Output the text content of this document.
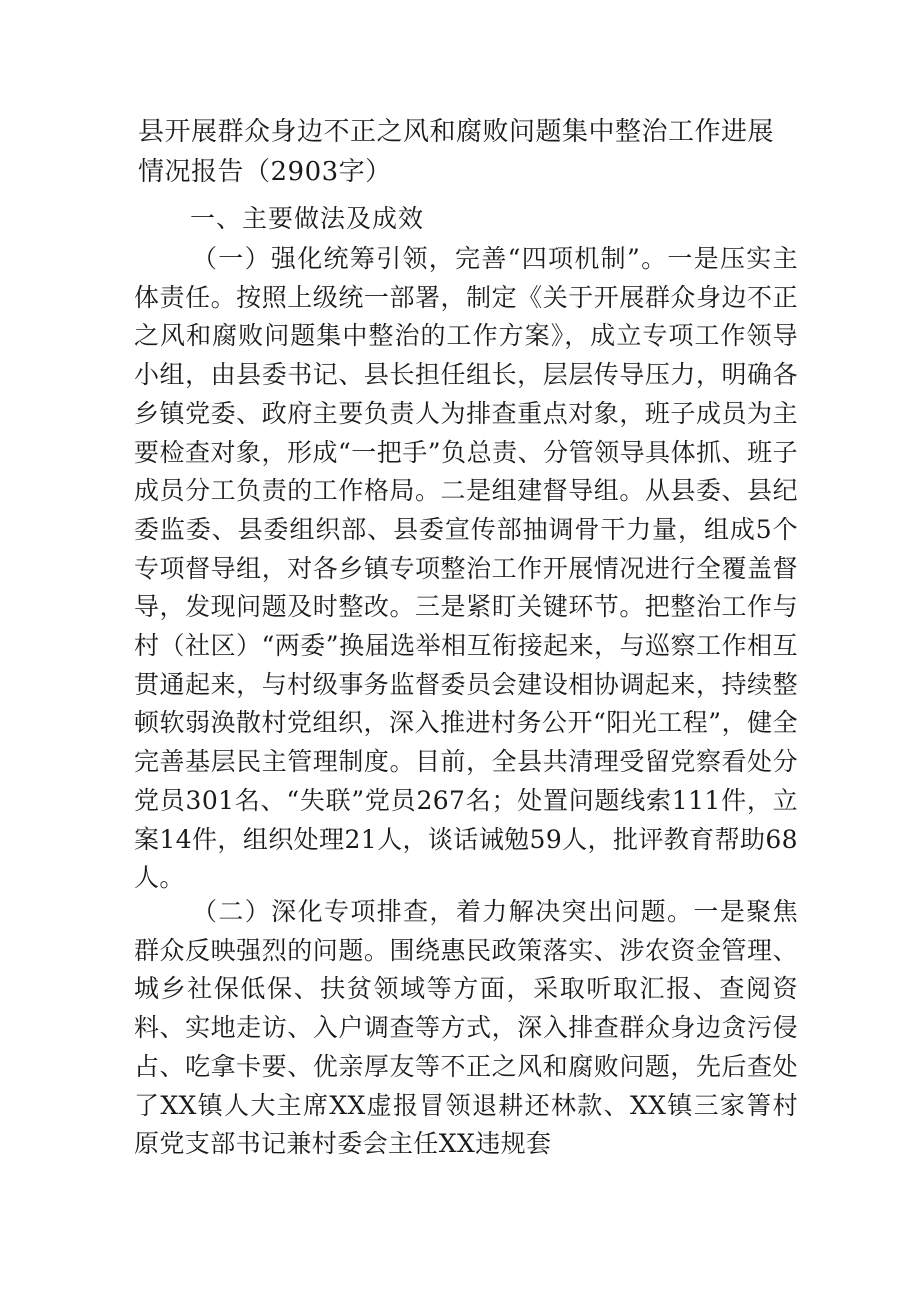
县开展群众身边不正之风和腐败问题集中整治工作进展情况报告（2903字）
一、主要做法及成效

（一）强化统筹引领，完善“四项机制”。一是压实主体责任。按照上级统一部署，制定《关于开展群众身边不正之风和腐败问题集中整治的工作方案》，成立专项工作领导小组，由县委书记、县长担任组长，层层传导压力，明确各乡镇党委、政府主要负责人为排查重点对象，班子成员为主要检查对象，形成“一把手”负总责、分管领导具体抓、班子成员分工负责的工作格局。二是组建督导组。从县委、县纪委监委、县委组织部、县委宣传部抽调骨干力量，组成5个专项督导组，对各乡镇专项整治工作开展情况进行全覆盖督导，发现问题及时整改。三是紧盯关键环节。把整治工作与村（社区）“两委”换届选举相互衔接起来，与巡察工作相互贯通起来，与村级事务监督委员会建设相协调起来，持续整顿软弱涣散村党组织，深入推进村务公开“阳光工程”，健全完善基层民主管理制度。目前，全县共清理受留党察看处分党员301名、“失联”党员267名；处置问题线索111件，立案14件，组织处理21人，谈话诫勉59人，批评教育帮助68人。

（二）深化专项排查，着力解决突出问题。一是聚焦群众反映强烈的问题。围绕惠民政策落实、涉农资金管理、城乡社保低保、扶贫领域等方面，采取听取汇报、查阅资料、实地走访、入户调查等方式，深入排查群众身边贪污侵占、吃拿卡要、优亲厚友等不正之风和腐败问题，先后查处了XX镇人大主席XX虚报冒领退耕还林款、XX镇三家箐村原党支部书记兼村委会主任XX违规套
